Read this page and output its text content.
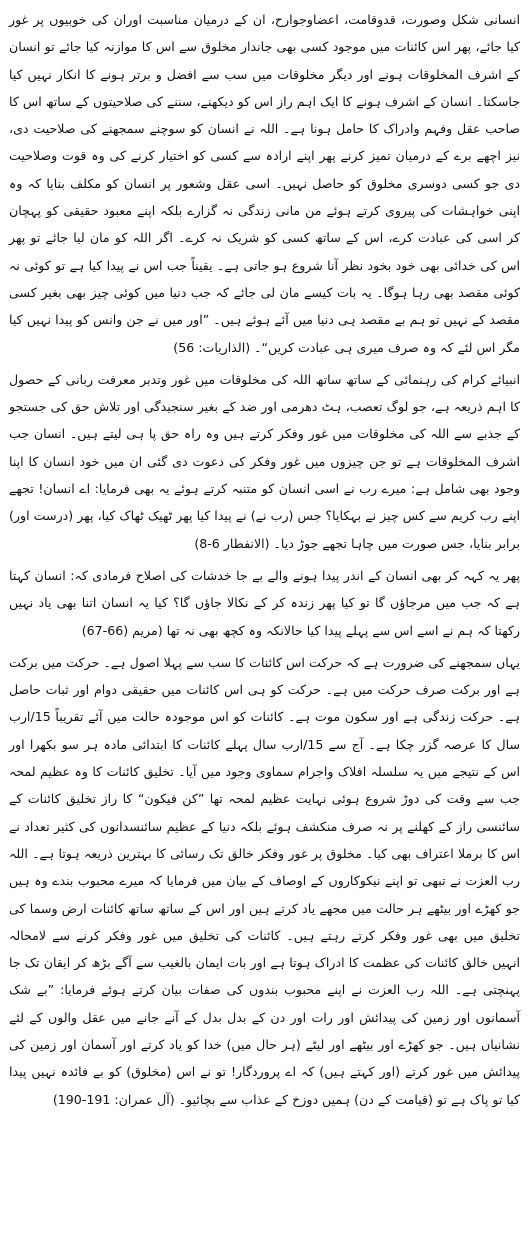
انسانی شکل وصورت، قدوقامت، اعضاوجوارح، ان کے درمیان مناسبت اوران کی خوبیوں پر غور کیا جائے، پھر اس کائنات میں موجود کسی بھی جاندار مخلوق سے اس کا موازنہ کیا جائے تو انسان کے اشرف المخلوقات ہونے اور دیگر مخلوقات میں سب سے افضل و برتر ہونے کا انکار نہیں کیا جاسکتا۔ انسان کے اشرف ہونے کا ایک اہم راز اس کو دیکھنے، سننے کی صلاحیتوں کے ساتھ اس کا صاحب عقل وفہم وادراک کا حامل ہونا ہے۔ اللہ نے انسان کو سوچنے سمجھنے کی صلاحیت دی، نیز اچھے برے کے درمیان تمیز کرنے پھر اپنے ارادہ سے کسی کو اختیار کرنے کی وہ قوت وصلاحیت دی جو کسی دوسری مخلوق کو حاصل نہیں۔ اسی عقل وشعور پر انسان کو مکلف بنایا کہ وہ اپنی خواہشات کی پیروی کرتے ہوئے من مانی زندگی نہ گزارے بلکہ اپنے معبود حقیقی کو پہچان کر اسی کی عبادت کرے، اس کے ساتھ کسی کو شریک نہ کرے۔ اگر اللہ کو مان لیا جائے تو پھر اس کی خدائی بھی خود بخود نظر آنا شروع ہو جاتی ہے۔ یقیناً جب اس نے پیدا کیا ہے تو کوئی نہ کوئی مقصد بھی رہا ہوگا۔ یہ بات کیسے مان لی جائے کہ جب دنیا میں کوئی چیز بھی بغیر کسی مقصد کے نہیں تو ہم بے مقصد ہی دنیا میں آئے ہوئے ہیں۔ ”اور میں نے جن وانس کو پیدا نہیں کیا مگر اس لئے کہ وہ صرف میری ہی عبادت کریں“۔ (الذاریات: 56)

انبیائے کرام کی رہنمائی کے ساتھ ساتھ اللہ کی مخلوقات میں غور وتدبر معرفت ربانی کے حصول کا اہم ذریعہ ہے، جو لوگ تعصب، ہٹ دھرمی اور ضد کے بغیر سنجیدگی اور تلاش حق کی جستجو کے جذبے سے اللہ کی مخلوقات میں غور وفکر کرتے ہیں وہ راہ حق پا ہی لیتے ہیں۔ انسان جب اشرف المخلوقات ہے تو جن چیزوں میں غور وفکر کی دعوت دی گئی ان میں خود انسان کا اپنا وجود بھی شامل ہے: میرے رب نے اسی انسان کو متنبہ کرتے ہوئے یہ بھی فرمایا: اے انسان! تجھے اپنے رب کریم سے کس چیز نے بہکایا؟ جس (رب نے) نے پیدا کیا پھر ٹھیک ٹھاک کیا، پھر (درست اور) برابر بنایا، جس صورت میں چاہا تجھے جوڑ دیا۔ (الانفطار 6-8)

پھر یہ کہہ کر بھی انسان کے اندر پیدا ہونے والے بے جا خدشات کی اصلاح فرمادی کہ: انسان کہتا ہے کہ جب میں مرجاؤں گا تو کیا پھر زندہ کر کے نکالا جاؤں گا؟ کیا یہ انسان اتنا بھی یاد نہیں رکھتا کہ ہم نے اسے اس سے پہلے پیدا کیا حالانکہ وہ کچھ بھی نہ تھا (مریم (66-67)

یہاں سمجھنے کی ضرورت ہے کہ حرکت اس کائنات کا سب سے پہلا اصول ہے۔ حرکت میں برکت ہے اور برکت صرف حرکت میں ہے۔ حرکت کو ہی اس کائنات میں حقیقی دوام اور ثبات حاصل ہے۔ حرکت زندگی ہے اور سکون موت ہے۔ کائنات کو اس موجودہ حالت میں آئے تقریباً 15/ارب سال کا عرصہ گزر چکا ہے۔ آج سے 15/ارب سال پہلے کائنات کا ابتدائی مادہ ہر سو بکھرا اور اس کے نتیجے میں یہ سلسلہ افلاک واجرام سماوی وجود میں آیا۔ تخلیق کائنات کا وہ عظیم لمحہ جب سے وقت کی دوڑ شروع ہوئی نہایت عظیم لمحہ تھا ”کن فیکون“ کا راز تخلیق کائنات کے سائنسی راز کے کھلنے پر نہ صرف منکشف ہوئے بلکہ دنیا کے عظیم سائنسدانوں کی کثیر تعداد نے اس کا برملا اعتراف بھی کیا۔ مخلوق پر غور وفکر خالق تک رسائی کا بہترین ذریعہ ہوتا ہے۔ اللہ رب العزت نے تبھی تو اپنے نیکوکاروں کے اوصاف کے بیان میں فرمایا کہ میرے محبوب بندے وہ ہیں جو کھڑے اور بیٹھے ہر حالت میں مجھے یاد کرتے ہیں اور اس کے ساتھ ساتھ کائنات ارض وسما کی تخلیق میں بھی غور وفکر کرتے رہتے ہیں۔ کائنات کی تخلیق میں غور وفکر کرنے سے لامحالہ انہیں خالق کائنات کی عظمت کا ادراک ہوتا ہے اور بات ایمان بالغیب سے آگے بڑھ کر ایقان تک جا پہنچتی ہے۔ اللہ رب العزت نے اپنے محبوب بندوں کی صفات بیان کرتے ہوئے فرمایا: ”بے شک آسمانوں اور زمین کی پیدائش اور رات اور دن کے بدل بدل کے آنے جانے میں عقل والوں کے لئے نشانیاں ہیں۔ جو کھڑے اور بیٹھے اور لیٹے (ہر حال میں) خدا کو یاد کرتے اور آسمان اور زمین کی پیدائش میں غور کرتے (اور کہتے ہیں) کہ اے پروردگار! تو نے اس (مخلوق) کو بے فائدہ نہیں پیدا کیا تو پاک ہے تو (قیامت کے دن) ہمیں دوزخ کے عذاب سے بچائیو۔ (آل عمران: 191-190)
